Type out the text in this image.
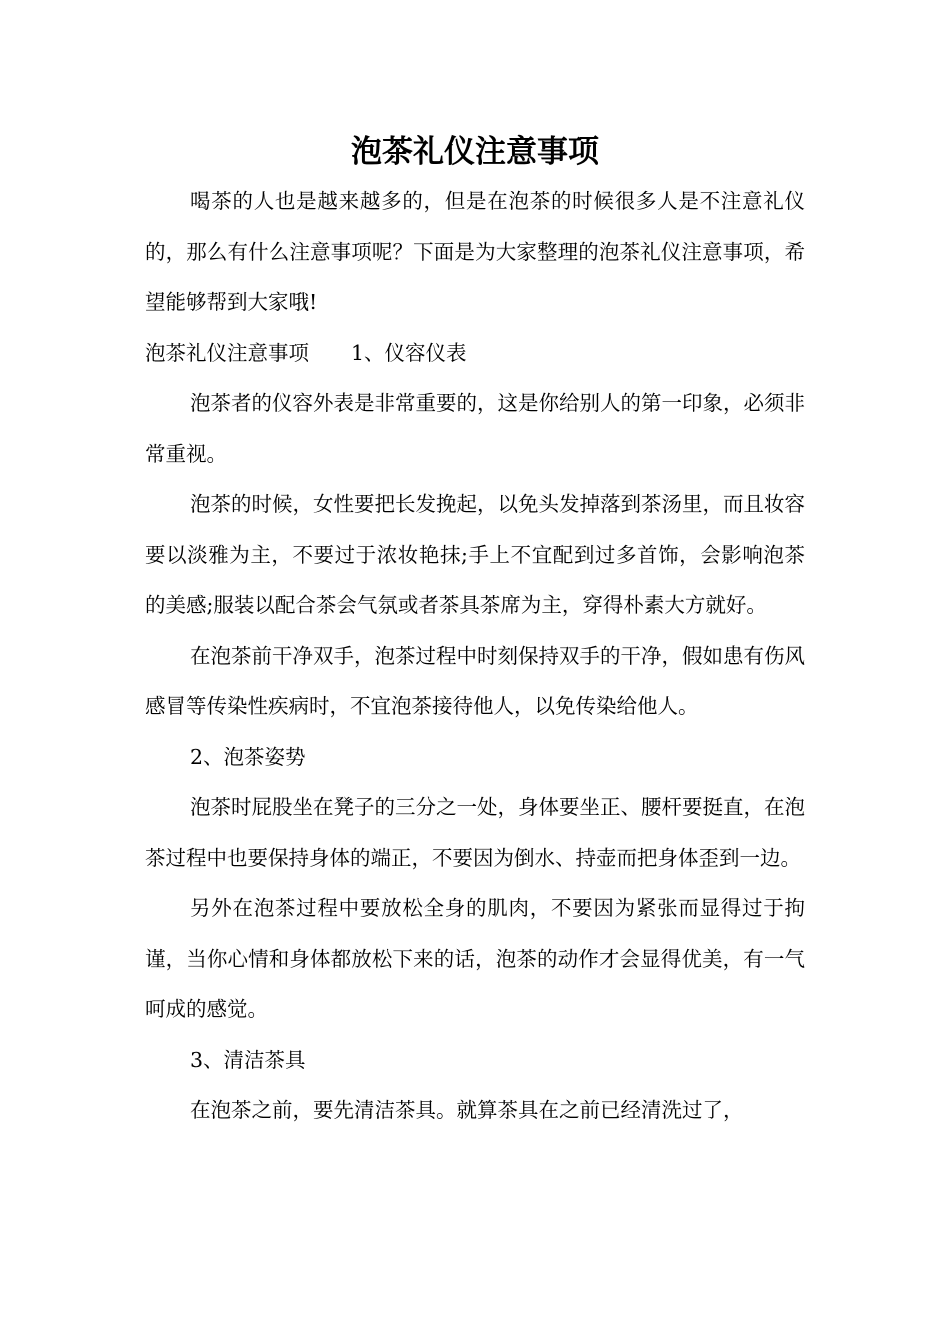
泡茶礼仪注意事项

喝茶的人也是越来越多的，但是在泡茶的时候很多人是不注意礼仪的，那么有什么注意事项呢？下面是为大家整理的泡茶礼仪注意事项，希望能够帮到大家哦!

泡茶礼仪注意事项 1、仪容仪表

泡茶者的仪容外表是非常重要的，这是你给别人的第一印象，必须非常重视。

泡茶的时候，女性要把长发挽起，以免头发掉落到茶汤里，而且妆容要以淡雅为主，不要过于浓妆艳抹;手上不宜配到过多首饰，会影响泡茶的美感;服装以配合茶会气氛或者茶具茶席为主，穿得朴素大方就好。

在泡茶前干净双手，泡茶过程中时刻保持双手的干净，假如患有伤风感冒等传染性疾病时，不宜泡茶接待他人，以免传染给他人。

2、泡茶姿势

泡茶时屁股坐在凳子的三分之一处，身体要坐正、腰杆要挺直，在泡茶过程中也要保持身体的端正，不要因为倒水、持壶而把身体歪到一边。

另外在泡茶过程中要放松全身的肌肉，不要因为紧张而显得过于拘谨，当你心情和身体都放松下来的话，泡茶的动作才会显得优美，有一气呵成的感觉。

3、清洁茶具

在泡茶之前，要先清洁茶具。就算茶具在之前已经清洗过了，
